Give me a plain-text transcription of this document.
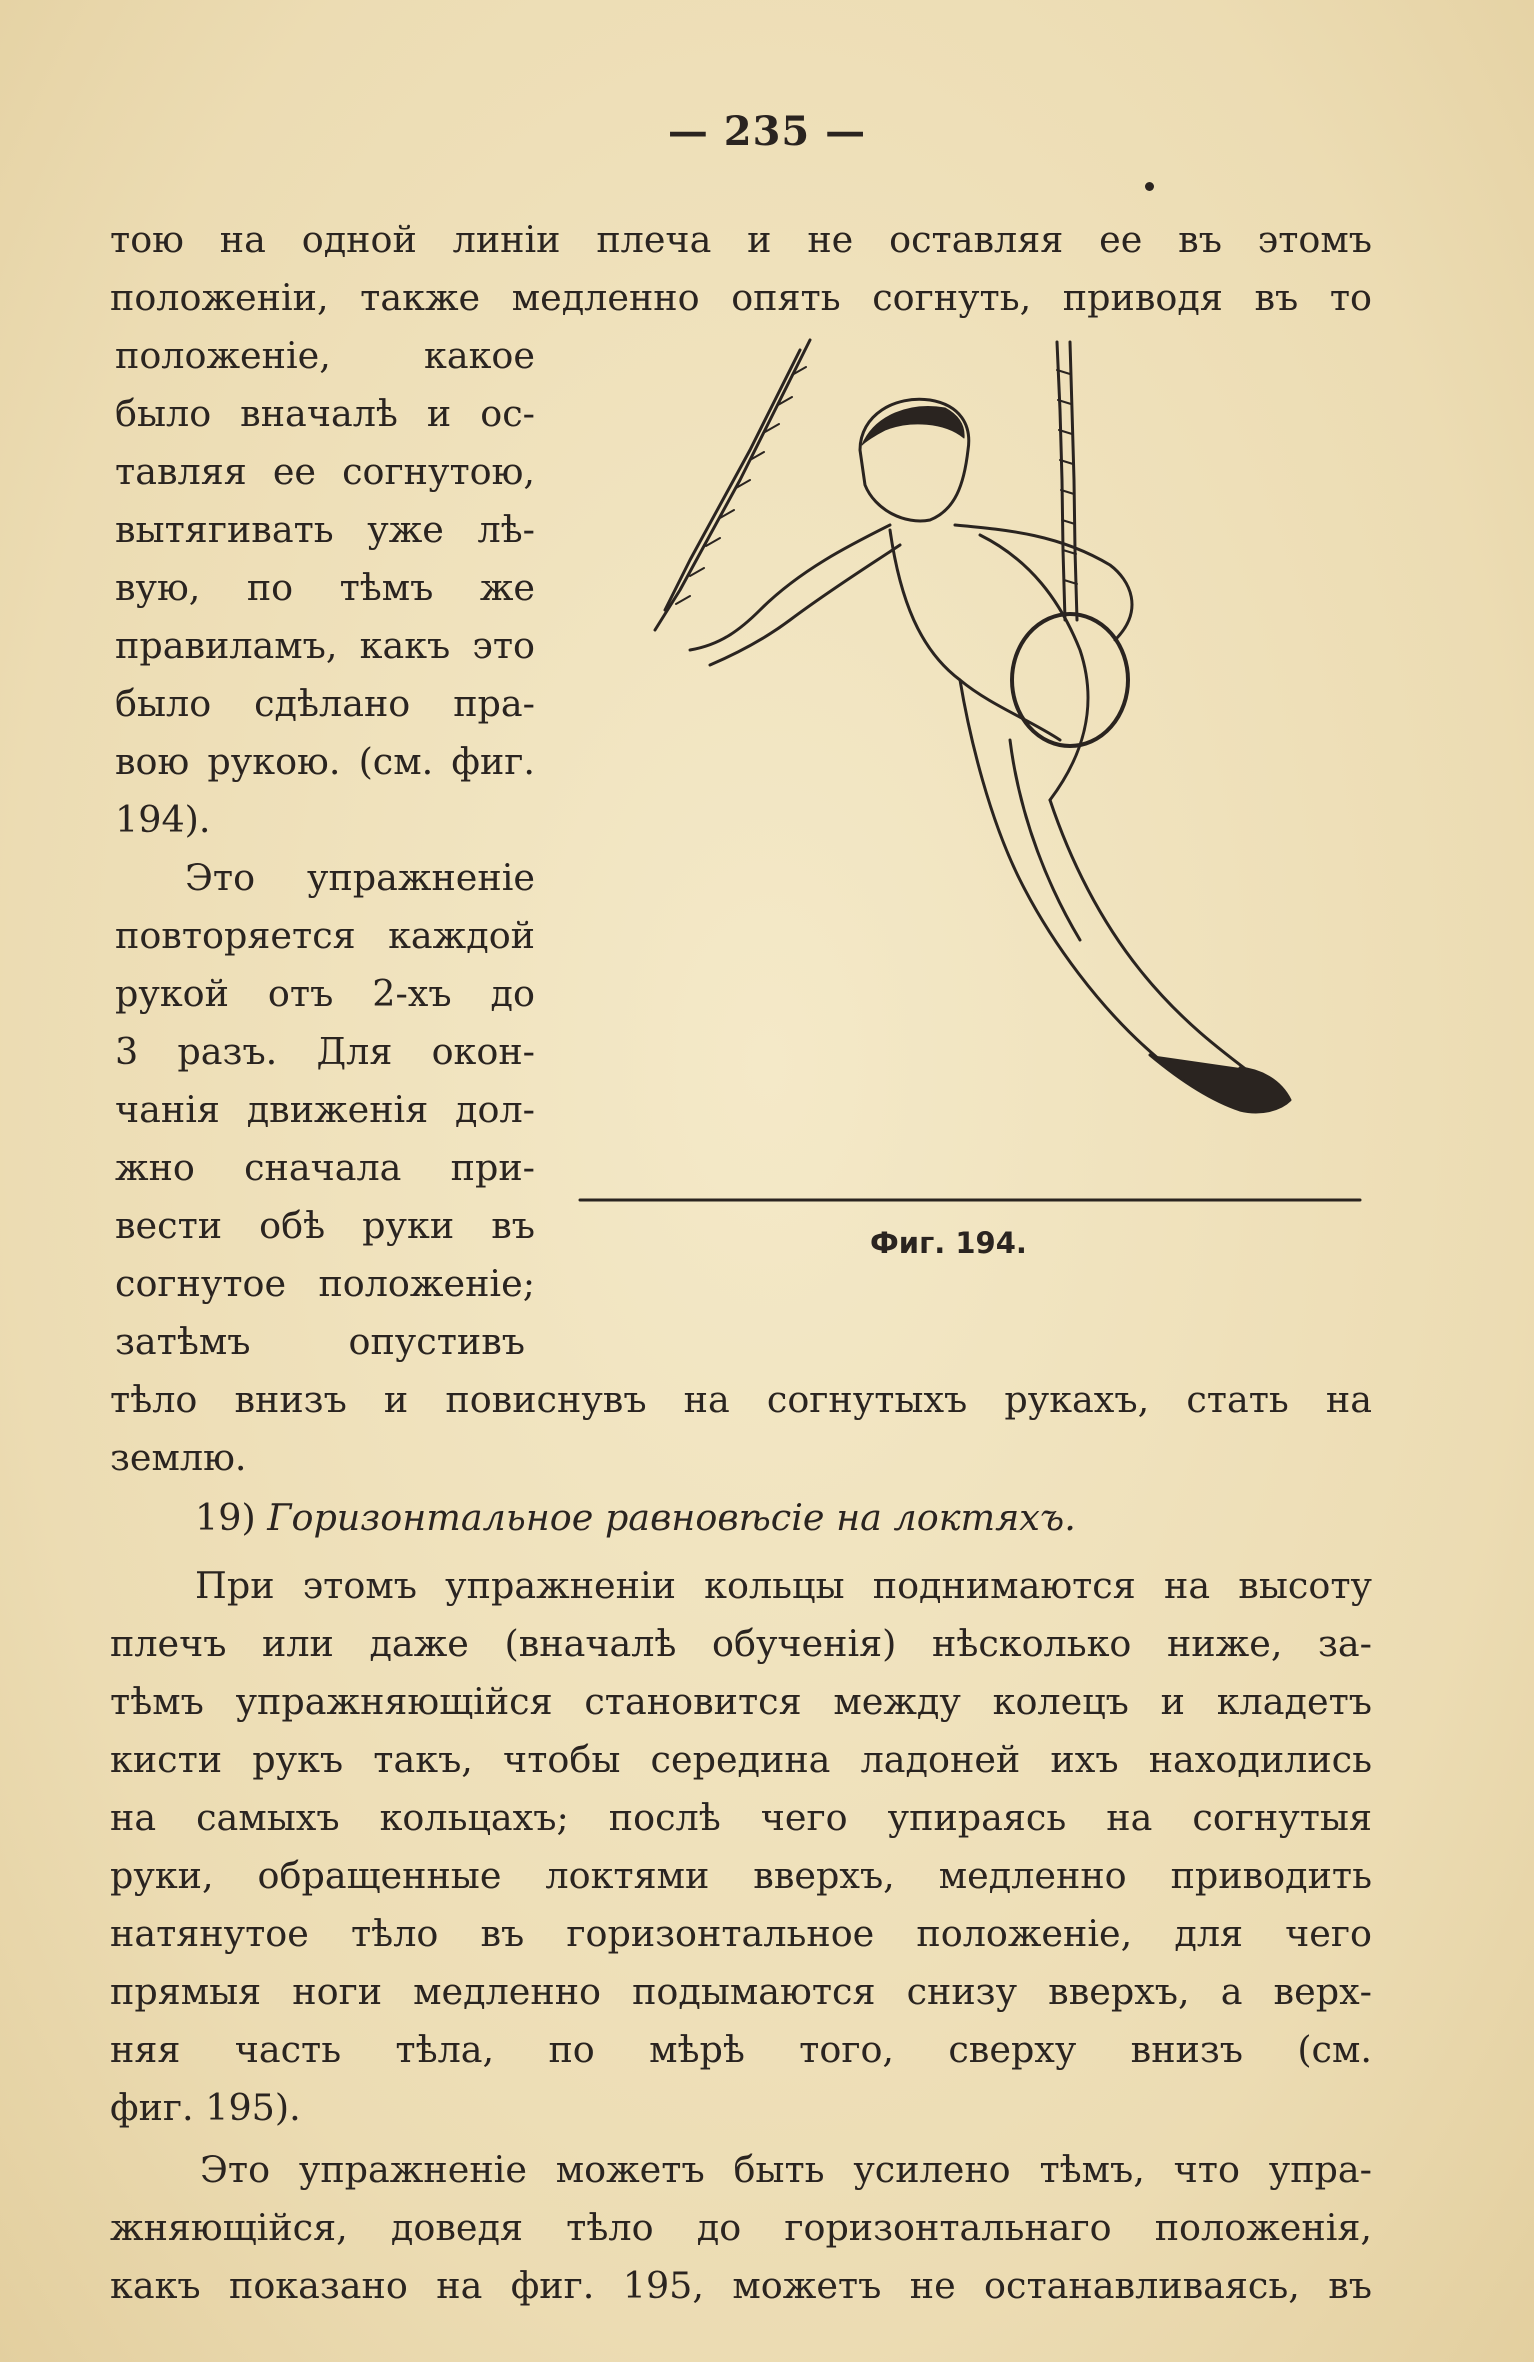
— 235 —
тою на одной линіи плеча и не оставляя ее въ этомъ
положеніи, также медленно опять согнуть, приводя въ то
положеніе, какое
было вначалѣ и ос-
тавляя ее согнутою,
вытягивать уже лѣ-
вую, по тѣмъ же
правиламъ, какъ это
было сдѣлано пра-
вою рукою. (см. фиг.
194).
Это упражненіе
повторяется каждой
рукой отъ 2-хъ до
3 разъ. Для окон-
чанія движенія дол-
жно сначала при-
вести обѣ руки въ
согнутое положеніе;
затѣмъ опустивъ
тѣло внизъ и повиснувъ на согнутыхъ рукахъ, стать на
землю.
19) Горизонтальное равновѣсіе на локтяхъ.
При этомъ упражненіи кольцы поднимаются на высоту
плечъ или даже (вначалѣ обученія) нѣсколько ниже, за-
тѣмъ упражняющійся становится между колецъ и кладетъ
кисти рукъ такъ, чтобы середина ладоней ихъ находились
на самыхъ кольцахъ; послѣ чего упираясь на согнутыя
руки, обращенные локтями вверхъ, медленно приводить
натянутое тѣло въ горизонтальное положеніе, для чего
прямыя ноги медленно подымаются снизу вверхъ, а верх-
няя часть тѣла, по мѣрѣ того, сверху внизъ (см.
фиг. 195).
Это упражненіе можетъ быть усилено тѣмъ, что упра-
жняющійся, доведя тѣло до горизонтальнаго положенія,
какъ показано на фиг. 195, можетъ не останавливаясь, въ
Фиг. 194.
